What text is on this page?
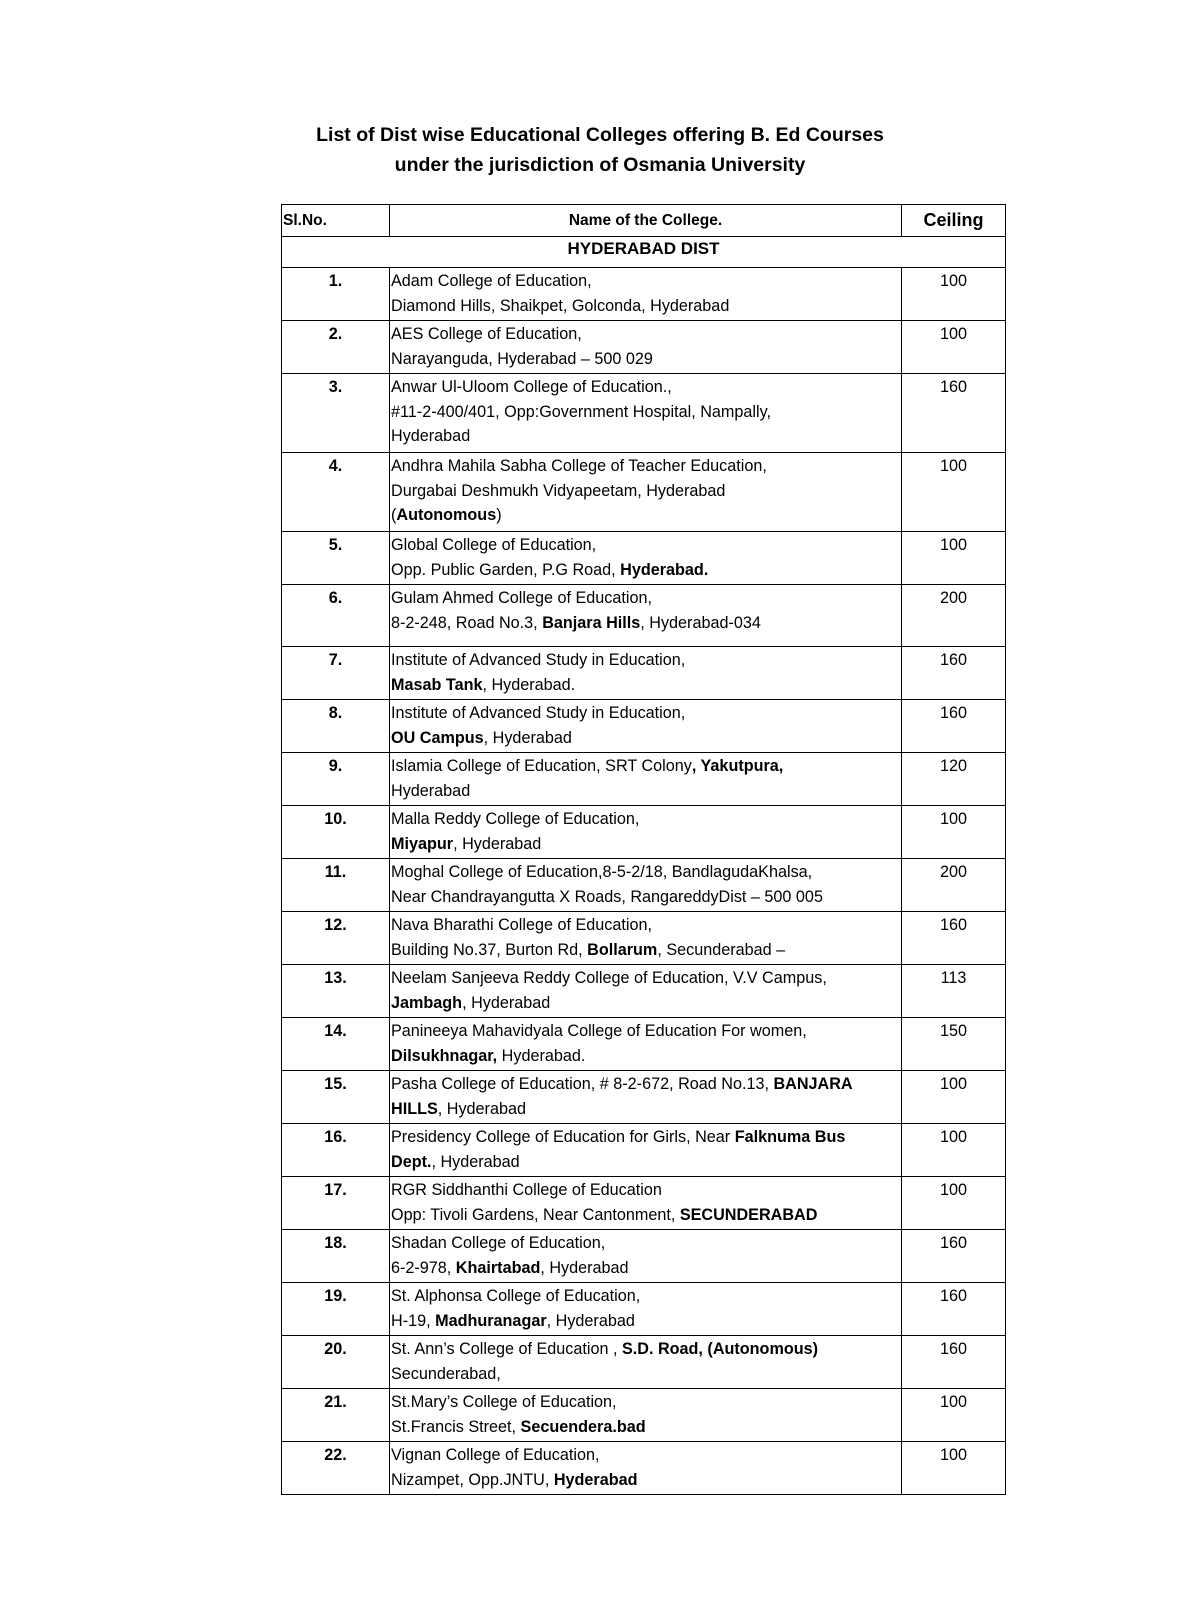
List of Dist wise Educational Colleges offering B. Ed Courses
under the jurisdiction of Osmania University
Sl.No.	Name of the College.	Ceiling
HYDERABAD DIST		
1.	Adam College of Education,
Diamond Hills, Shaikpet, Golconda, Hyderabad	100
2.	AES College of Education,
Narayanguda, Hyderabad – 500 029	100
3.	Anwar Ul-Uloom College of Education.,
#11-2-400/401, Opp:Government Hospital, Nampally,
Hyderabad	160
4.	Andhra Mahila Sabha College of Teacher Education,
Durgabai Deshmukh Vidyapeetam, Hyderabad
(Autonomous)	100
5.	Global College of Education,
Opp. Public Garden, P.G Road, Hyderabad.	100
6.	Gulam Ahmed College of Education,
8-2-248, Road No.3, Banjara Hills, Hyderabad-034	200
7.	Institute of Advanced Study in Education,
Masab Tank, Hyderabad.	160
8.	Institute of Advanced Study in Education,
OU Campus, Hyderabad	160
9.	Islamia College of Education, SRT Colony, Yakutpura,
Hyderabad	120
10.	Malla Reddy College of Education,
Miyapur, Hyderabad	100
11.	Moghal College of Education,8-5-2/18, BandlagudaKhalsa,
Near Chandrayangutta X Roads, RangareddyDist – 500 005	200
12.	Nava Bharathi College of Education,
Building No.37, Burton Rd, Bollarum, Secunderabad –	160
13.	Neelam Sanjeeva Reddy College of Education, V.V Campus,
Jambagh, Hyderabad	113
14.	Panineeya Mahavidyala College of Education For women,
Dilsukhnagar, Hyderabad.	150
15.	Pasha College of Education, # 8-2-672, Road No.13, BANJARA
HILLS, Hyderabad	100
16.	Presidency College of Education for Girls, Near Falknuma Bus
Dept., Hyderabad	100
17.	RGR Siddhanthi College of Education
Opp: Tivoli Gardens, Near Cantonment, SECUNDERABAD	100
18.	Shadan College of Education,
6-2-978, Khairtabad, Hyderabad	160
19.	St. Alphonsa College of Education,
H-19, Madhuranagar, Hyderabad	160
20.	St. Ann’s College of Education , S.D. Road, (Autonomous)
Secunderabad,	160
21.	St.Mary’s College of Education,
St.Francis Street, Secuendera.bad	100
22.	Vignan College of Education,
Nizampet, Opp.JNTU, Hyderabad	100
